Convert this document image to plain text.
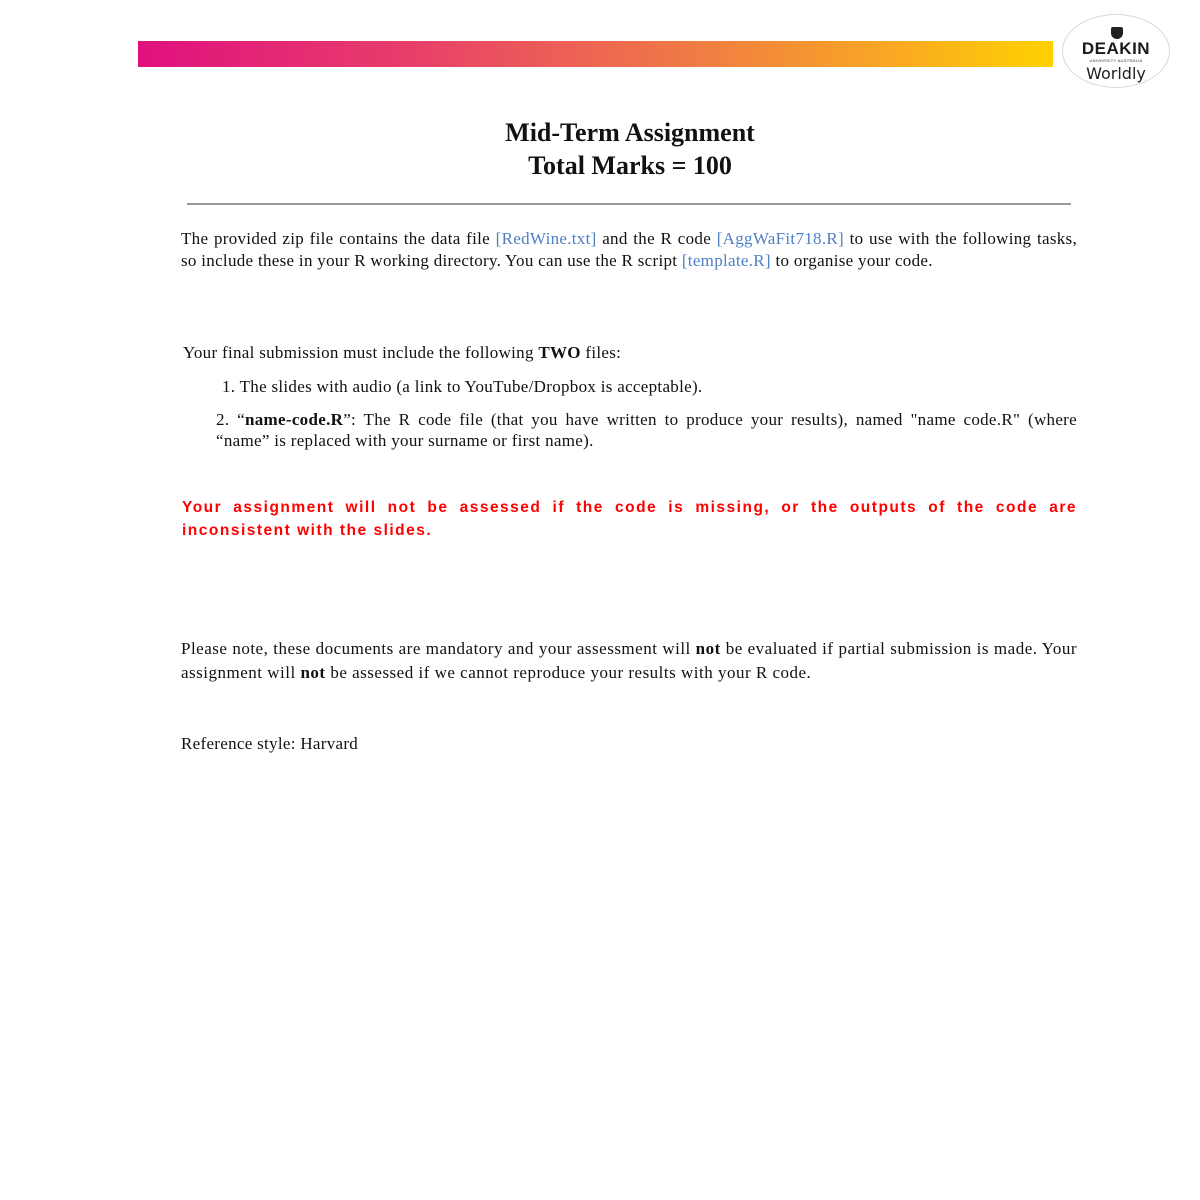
DEAKIN
UNIVERSITY AUSTRALIA
Worldly
Mid-Term Assignment
Total Marks = 100
The provided zip file contains the data file [RedWine.txt] and the R code [AggWaFit718.R] to use with the following tasks, so include these in your R working directory. You can use the R script [template.R] to organise your code.
Your final submission must include the following TWO files:
1. The slides with audio (a link to YouTube/Dropbox is acceptable).
2. “name-code.R”: The R code file (that you have written to produce your results), named "name code.R" (where “name” is replaced with your surname or first name).
Your assignment will not be assessed if the code is missing, or the outputs of the code are inconsistent with the slides.
Please note, these documents are mandatory and your assessment will not be evaluated if partial submission is made. Your assignment will not be assessed if we cannot reproduce your results with your R code.
Reference style: Harvard
